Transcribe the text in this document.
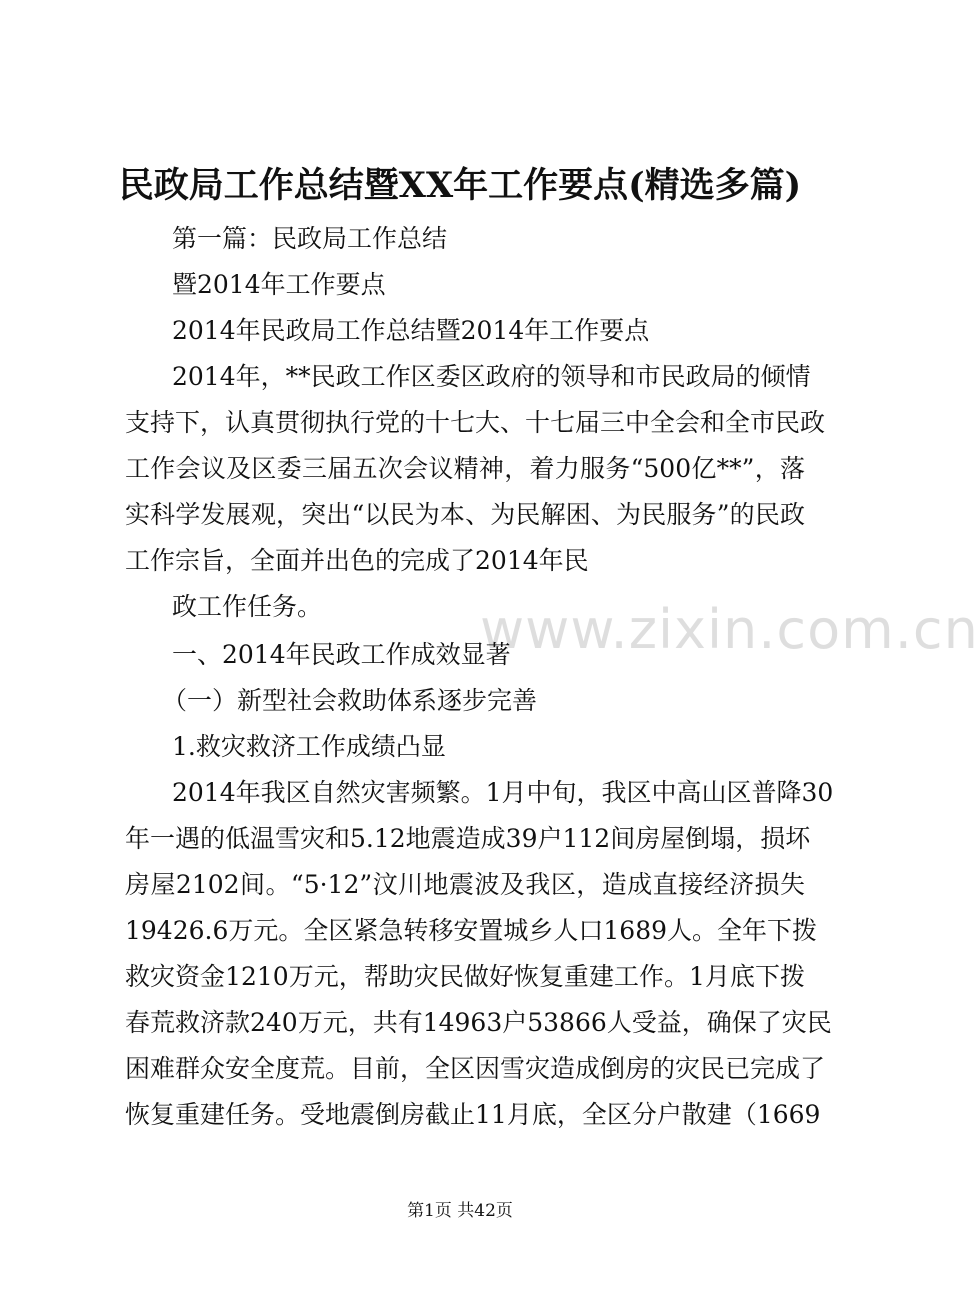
民政局工作总结暨XX年工作要点(精选多篇)
第一篇：民政局工作总结
暨2014年工作要点
2014年民政局工作总结暨2014年工作要点
2014年，**民政工作区委区政府的领导和市民政局的倾情
支持下，认真贯彻执行党的十七大、十七届三中全会和全市民政
工作会议及区委三届五次会议精神，着力服务“500亿**”，落
实科学发展观，突出“以民为本、为民解困、为民服务”的民政
工作宗旨，全面并出色的完成了2014年民
政工作任务。
一、2014年民政工作成效显著
（一）新型社会救助体系逐步完善
1.救灾救济工作成绩凸显
2014年我区自然灾害频繁。1月中旬，我区中高山区普降30
年一遇的低温雪灾和5.12地震造成39户112间房屋倒塌，损坏
房屋2102间。“5·12”汶川地震波及我区，造成直接经济损失
19426.6万元。全区紧急转移安置城乡人口1689人。全年下拨
救灾资金1210万元，帮助灾民做好恢复重建工作。1月底下拨
春荒救济款240万元，共有14963户53866人受益，确保了灾民
困难群众安全度荒。目前，全区因雪灾造成倒房的灾民已完成了
恢复重建任务。受地震倒房截止11月底，全区分户散建（1669
www.zixin.com.cn
第1页 共42页
